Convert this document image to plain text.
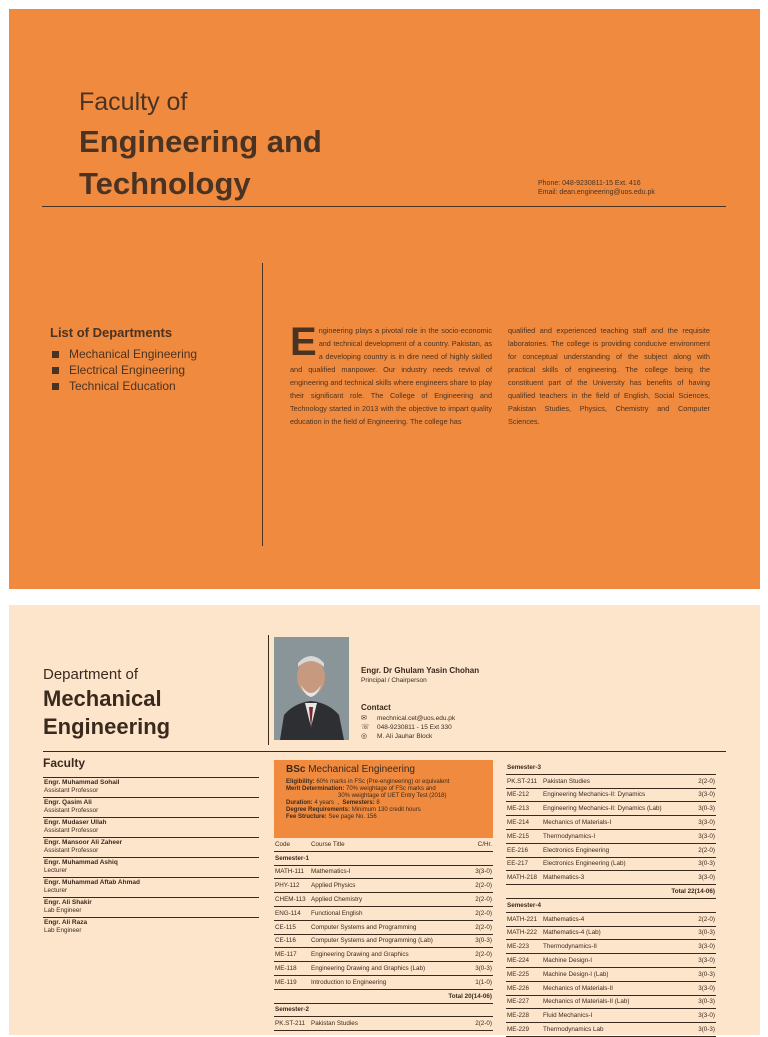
Faculty of
Engineering and
Technology	Phone: 048-9230811-15 Ext. 416
Email: dean.engineering@uos.edu.pk
List of Departments
Mechanical Engineering
Electrical Engineering
Technical Education
Engineering plays a pivotal role in the socio-economic and technical development of a country. Pakistan, as a developing country is in dire need of highly skilled and qualified manpower. Our industry needs revival of engineering and technical skills where engineers share to play their significant role. The College of Engineering and Technology started in 2013 with the objective to impart quality education in the field of Engineering. The college has
qualified and experienced teaching staff and the requisite laboratories. The college is providing conducive environment for conceptual understanding of the subject along with practical skills of engineering. The college being the constituent part of the University has benefits of having qualified teachers in the field of English, Social Sciences, Pakistan Studies, Physics, Chemistry and Computer Sciences.
Department of
Mechanical
Engineering
Engr. Dr Ghulam Yasin Chohan
Principal / Chairperson
Contact
✉	mechnical.cet@uos.edu.pk
☏ 048-9230811 - 15 Ext 330
◎	M. Ali Jauhar Block
Faculty
Engr. Muhammad Sohail
Assistant Professor
Engr. Qasim Ali
Assistant Professor
Engr. Mudaser Ullah
Assistant Professor
Engr. Mansoor Ali Zaheer
Assistant Professor
Engr. Muhammad Ashiq
Lecturer
Engr. Muhammad Aftab Ahmad
Lecturer
Engr. Ali Shakir
Lab Engineer
Engr. Ali Raza
Lab Engineer
BSc Mechanical Engineering
Eligibility: 60% marks in FSc (Pre-engineering) or equivalent
Merit Determination: 70% weightage of FSc marks and
30% weightage of UET Entry Test (2018)
Duration: 4 years  ,  Semesters: 8
Degree Requirements: Minimum 130 credit hours
Fee Structure: See page No. 156
Code	Course Title	C/Hr.
Semester-1		
MATH-111	Mathematics-I	3(3-0)
PHY-112	Applied Physics	2(2-0)
CHEM-113	Applied Chemistry	2(2-0)
ENG-114	Functional English	2(2-0)
CE-115	Computer Systems and Programming	2(2-0)
CE-116	Computer Systems and Programming (Lab)	3(0-3)
ME-117	Engineering Drawing and Graphics	2(2-0)
ME-118	Engineering Drawing and Graphics (Lab)	3(0-3)
ME-119	Introduction to Engineering	1(1-0)
Total 20(14-06)		
Semester-2		
PK.ST-211	Pakistan Studies	2(2-0)
Semester-3		
PK.ST-211	Pakistan Studies	2(2-0)
ME-212	Engineering Mechanics-II: Dynamics	3(3-0)
ME-213	Engineering Mechanics-II: Dynamics (Lab)	3(0-3)
ME-214	Mechanics of Materials-I	3(3-0)
ME-215	Thermodynamics-I	3(3-0)
EE-216	Electronics Engineering	2(2-0)
EE-217	Electronics Engineering (Lab)	3(0-3)
MATH-218	Mathematics-3	3(3-0)
Total 22(14-06)		
Semester-4		
MATH-221	Mathematics-4	2(2-0)
MATH-222	Mathematics-4 (Lab)	3(0-3)
ME-223	Thermodynamics-II	3(3-0)
ME-224	Machine Design-I	3(3-0)
ME-225	Machine Design-I (Lab)	3(0-3)
ME-226	Mechanics of Materials-II	3(3-0)
ME-227	Mechanics of Materials-II (Lab)	3(0-3)
ME-228	Fluid Mechanics-I	3(3-0)
ME-229	Thermodynamics Lab	3(0-3)
